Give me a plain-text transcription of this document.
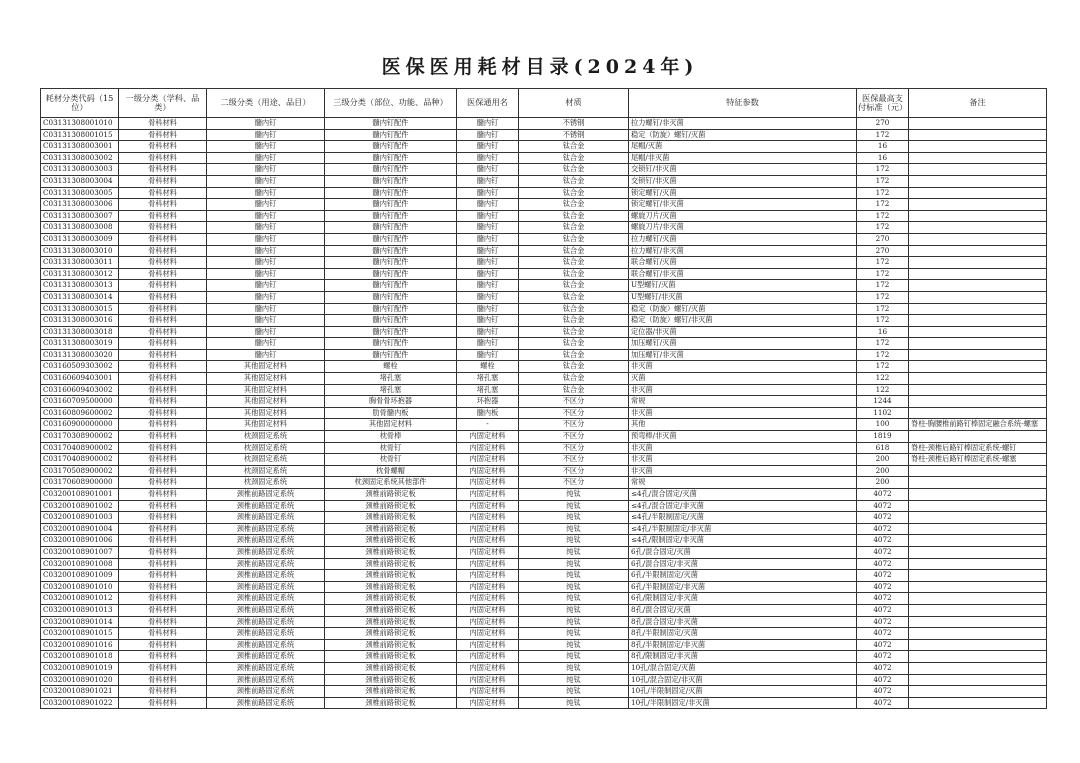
医保医用耗材目录(2024年)
耗材分类代码（15位）	一级分类（学科、品类）	二级分类（用途、品目）	三级分类（部位、功能、品种）	医保通用名	材质	特征参数	医保最高支付标准（元）	备注
C03131308001010	骨科材料	髓内钉	髓内钉配件	髓内钉	不锈钢	拉力螺钉/非灭菌	270	
C03131308001015	骨科材料	髓内钉	髓内钉配件	髓内钉	不锈钢	稳定（防旋）螺钉/灭菌	172	
C03131308003001	骨科材料	髓内钉	髓内钉配件	髓内钉	钛合金	尾帽/灭菌	16	
C03131308003002	骨科材料	髓内钉	髓内钉配件	髓内钉	钛合金	尾帽/非灭菌	16	
C03131308003003	骨科材料	髓内钉	髓内钉配件	髓内钉	钛合金	交锁钉/非灭菌	172	
C03131308003004	骨科材料	髓内钉	髓内钉配件	髓内钉	钛合金	交锁钉/非灭菌	172	
C03131308003005	骨科材料	髓内钉	髓内钉配件	髓内钉	钛合金	锁定螺钉/灭菌	172	
C03131308003006	骨科材料	髓内钉	髓内钉配件	髓内钉	钛合金	锁定螺钉/非灭菌	172	
C03131308003007	骨科材料	髓内钉	髓内钉配件	髓内钉	钛合金	螺旋刀片/灭菌	172	
C03131308003008	骨科材料	髓内钉	髓内钉配件	髓内钉	钛合金	螺旋刀片/非灭菌	172	
C03131308003009	骨科材料	髓内钉	髓内钉配件	髓内钉	钛合金	拉力螺钉/灭菌	270	
C03131308003010	骨科材料	髓内钉	髓内钉配件	髓内钉	钛合金	拉力螺钉/非灭菌	270	
C03131308003011	骨科材料	髓内钉	髓内钉配件	髓内钉	钛合金	联合螺钉/灭菌	172	
C03131308003012	骨科材料	髓内钉	髓内钉配件	髓内钉	钛合金	联合螺钉/非灭菌	172	
C03131308003013	骨科材料	髓内钉	髓内钉配件	髓内钉	钛合金	U型螺钉/灭菌	172	
C03131308003014	骨科材料	髓内钉	髓内钉配件	髓内钉	钛合金	U型螺钉/非灭菌	172	
C03131308003015	骨科材料	髓内钉	髓内钉配件	髓内钉	钛合金	稳定（防旋）螺钉/灭菌	172	
C03131308003016	骨科材料	髓内钉	髓内钉配件	髓内钉	钛合金	稳定（防旋）螺钉/非灭菌	172	
C03131308003018	骨科材料	髓内钉	髓内钉配件	髓内钉	钛合金	定位器/非灭菌	16	
C03131308003019	骨科材料	髓内钉	髓内钉配件	髓内钉	钛合金	加压螺钉/灭菌	172	
C03131308003020	骨科材料	髓内钉	髓内钉配件	髓内钉	钛合金	加压螺钉/非灭菌	172	
C03160509303002	骨科材料	其他固定材料	螺栓	螺栓	钛合金	非灭菌	172	
C03160609403001	骨科材料	其他固定材料	堵孔塞	堵孔塞	钛合金	灭菌	122	
C03160609403002	骨科材料	其他固定材料	堵孔塞	堵孔塞	钛合金	非灭菌	122	
C03160709500000	骨科材料	其他固定材料	胸骨骨环抱器	环抱器	不区分	常规	1244	
C03160809600002	骨科材料	其他固定材料	肋骨髓内板	髓内板	不区分	非灭菌	1102	
C03160900000000	骨科材料	其他固定材料	其他固定材料	-	不区分	其他	100	脊柱-胸腰椎前路钉棒固定融合系统-螺塞
C03170308900002	骨科材料	枕颈固定系统	枕骨棒	内固定材料	不区分	预弯棒/非灭菌	1819	
C03170408900002	骨科材料	枕颈固定系统	枕骨钉	内固定材料	不区分	非灭菌	618	脊柱-颈椎后路钉棒固定系统-螺钉
C03170408900002	骨科材料	枕颈固定系统	枕骨钉	内固定材料	不区分	非灭菌	200	脊柱-颈椎后路钉棒固定系统-螺塞
C03170508900002	骨科材料	枕颈固定系统	枕骨螺帽	内固定材料	不区分	非灭菌	200	
C03170608900000	骨科材料	枕颈固定系统	枕颈固定系统其他部件	内固定材料	不区分	常规	200	
C03200108901001	骨科材料	颈椎前路固定系统	颈椎前路锁定板	内固定材料	纯钛	≤4孔/混合固定/灭菌	4072	
C03200108901002	骨科材料	颈椎前路固定系统	颈椎前路锁定板	内固定材料	纯钛	≤4孔/混合固定/非灭菌	4072	
C03200108901003	骨科材料	颈椎前路固定系统	颈椎前路锁定板	内固定材料	纯钛	≤4孔/半限制固定/灭菌	4072	
C03200108901004	骨科材料	颈椎前路固定系统	颈椎前路锁定板	内固定材料	纯钛	≤4孔/半限制固定/非灭菌	4072	
C03200108901006	骨科材料	颈椎前路固定系统	颈椎前路锁定板	内固定材料	纯钛	≤4孔/限制固定/非灭菌	4072	
C03200108901007	骨科材料	颈椎前路固定系统	颈椎前路锁定板	内固定材料	纯钛	6孔/混合固定/灭菌	4072	
C03200108901008	骨科材料	颈椎前路固定系统	颈椎前路锁定板	内固定材料	纯钛	6孔/混合固定/非灭菌	4072	
C03200108901009	骨科材料	颈椎前路固定系统	颈椎前路锁定板	内固定材料	纯钛	6孔/半限制固定/灭菌	4072	
C03200108901010	骨科材料	颈椎前路固定系统	颈椎前路锁定板	内固定材料	纯钛	6孔/半限制固定/非灭菌	4072	
C03200108901012	骨科材料	颈椎前路固定系统	颈椎前路锁定板	内固定材料	纯钛	6孔/限制固定/非灭菌	4072	
C03200108901013	骨科材料	颈椎前路固定系统	颈椎前路锁定板	内固定材料	纯钛	8孔/混合固定/灭菌	4072	
C03200108901014	骨科材料	颈椎前路固定系统	颈椎前路锁定板	内固定材料	纯钛	8孔/混合固定/非灭菌	4072	
C03200108901015	骨科材料	颈椎前路固定系统	颈椎前路锁定板	内固定材料	纯钛	8孔/半限制固定/灭菌	4072	
C03200108901016	骨科材料	颈椎前路固定系统	颈椎前路锁定板	内固定材料	纯钛	8孔/半限制固定/非灭菌	4072	
C03200108901018	骨科材料	颈椎前路固定系统	颈椎前路锁定板	内固定材料	纯钛	8孔/限制固定/非灭菌	4072	
C03200108901019	骨科材料	颈椎前路固定系统	颈椎前路锁定板	内固定材料	纯钛	10孔/混合固定/灭菌	4072	
C03200108901020	骨科材料	颈椎前路固定系统	颈椎前路锁定板	内固定材料	纯钛	10孔/混合固定/非灭菌	4072	
C03200108901021	骨科材料	颈椎前路固定系统	颈椎前路锁定板	内固定材料	纯钛	10孔/半限制固定/灭菌	4072	
C03200108901022	骨科材料	颈椎前路固定系统	颈椎前路锁定板	内固定材料	纯钛	10孔/半限制固定/非灭菌	4072	
